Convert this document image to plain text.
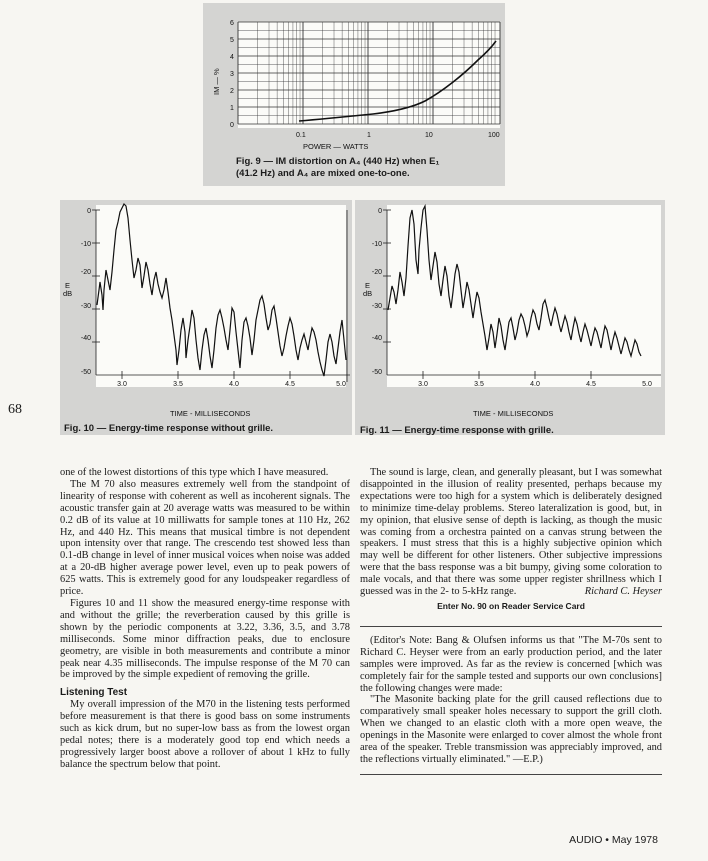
0
1
2
3
4
5
6
IM — %
0.1	1	10	100
POWER — WATTS
Fig. 9 — IM distortion on A₄ (440 Hz) when E₁
(41.2 Hz) and A₄ are mixed one-to-one.
0
-10
-20
-30
-40
-50
E
dB
3.0	3.5	4.0	4.5	5.0
TIME - MILLISECONDS
Fig. 10 — Energy-time response without grille.
0
-10
-20
-30
-40
-50
E
dB
3.0	3.5	4.0	4.5	5.0
TIME - MILLISECONDS
Fig. 11 — Energy-time response with grille.
68

one of the lowest distortions of this type which I have measured.

The M 70 also measures extremely well from the standpoint of linearity of response with coherent as well as incoherent signals. The acoustic transfer gain at 20 average watts was measured to be within 0.2 dB of its value at 10 milliwatts for sample tones at 110 Hz, 262 Hz, and 440 Hz. This means that musical timbre is not dependent upon intensity over that range. The crescendo test showed less than 0.1-dB change in level of inner musical voices when noise was added at a 20-dB higher average power level, even up to peak powers of 625 watts. This is extremely good for any loudspeaker regardless of price.

Figures 10 and 11 show the measured energy-time response with and without the grille; the reverberation caused by this grille is shown by the periodic components at 3.22, 3.36, 3.5, and 3.78 milliseconds. Some minor diffraction peaks, due to enclosure geometry, are visible in both measurements and contribute a minor peak near 4.35 milliseconds. The impulse response of the M 70 can be improved by the simple expedient of removing the grille.

Listening Test

My overall impression of the M70 in the listening tests performed before measurement is that there is good bass on some instruments such as kick drum, but no super-low bass as from the lowest organ pedal notes; there is a moderately good top end which needs a progressively larger boost above a rollover of about 1 kHz to fully balance the spectrum below that point.

The sound is large, clean, and generally pleasant, but I was somewhat disappointed in the illusion of reality presented, perhaps because my expectations were too high for a system which is deliberately designed to minimize time-delay problems. Stereo lateralization is good, but, in my opinion, that elusive sense of depth is lacking, as though the music was coming from a orchestra painted on a canvas strung between the speakers. I must stress that this is a highly subjective opinion which may well be different for other listeners. Other subjective impressions were that the bass response was a bit bumpy, giving some coloration to male vocals, and that there was some upper register shrillness which I guessed was in the 2- to 5-kHz range.	Richard C. Heyser

Enter No. 90 on Reader Service Card

(Editor's Note: Bang & Olufsen informs us that "The M-70s sent to Richard C. Heyser were from an early production period, and the later samples were improved. As far as the review is concerned [which was completely fair for the sample tested and supports our own conclusions] the following changes were made:

"The Masonite backing plate for the grill caused reflections due to comparatively small speaker holes necessary to support the grill cloth. When we changed to an elastic cloth with a more open weave, the openings in the Masonite were enlarged to cover almost the whole front area of the speaker. Treble transmission was appreciably improved, and the reflections virtually eliminated." —E.P.)

AUDIO • May 1978
